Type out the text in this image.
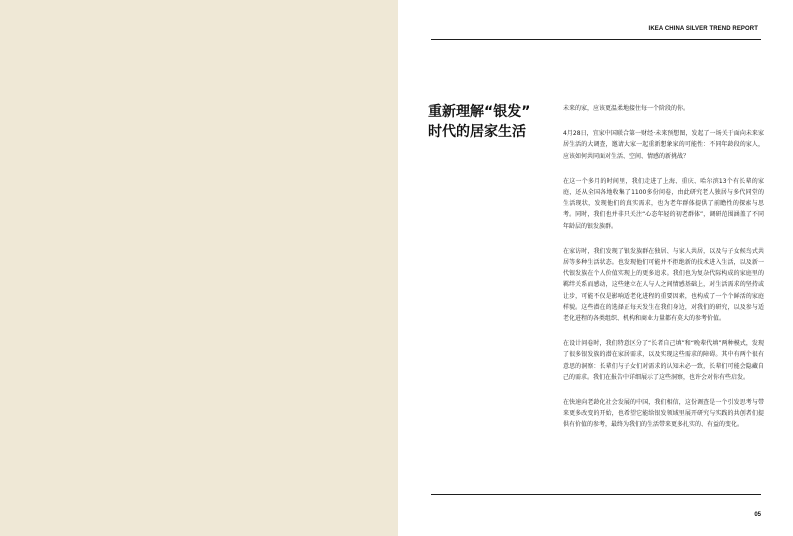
IKEA CHINA SILVER TREND REPORT
重新理解“银发”
时代的居家生活

未来的家，应该更温柔地接住每一个阶段的你。

4月28日，宜家中国联合第一财经·未来预想图，发起了一场关于面向未来家居生活的大调查，邀请大家一起重新想象家的可能性：不同年龄段的家人，应该如何共同面对生活、空间、情感的新挑战？

在这一个多月的时间里，我们走进了上海、重庆、哈尔滨13个有长辈的家庭，还从全国各地收集了1100多份问卷，由此研究老人独居与多代同堂的生活现状，发现他们的真实需求，也为老年群体提供了前瞻性的探索与思考。同时，我们也并非只关注“心态年轻的初老群体”，调研范围涵盖了不同年龄层的银发族群。

在家访时，我们发现了银发族群在独居、与家人共居，以及与子女候鸟式共居等多种生活状态。也发现他们可能并不拒绝新的技术进入生活，以及新一代银发族在个人价值实现上的更多追求。我们也为复杂代际构成的家庭里的羁绊关系而感动，这些建立在人与人之间情感基础上，对生活需求的坚持或让步，可能不仅是影响适老化进程的重要因素，也构成了一个个鲜活的家庭样貌。这些潜在的选择正每天发生在我们身边，对我们的研究，以及参与适老化进程的各类组织、机构和商业力量都有莫大的参考价值。

在设计问卷时，我们特意区分了“长者自己填”和“晚辈代填”两种模式，发现了很多银发族的潜在家居需求，以及实现这些需求的障碍。其中有两个很有意思的洞察：长辈们与子女们对需求的认知未必一致，长辈们可能会隐藏自己的需求。我们在报告中详细展示了这些洞察，也许会对你有些启发。

在快速向老龄化社会发展的中国，我们相信，这份调查是一个引发思考与带来更多改变的开始，也希望它能给银发领域里展开研究与实践的共创者们提供有价值的参考，最终为我们的生活带来更多扎实的、有益的变化。

05
